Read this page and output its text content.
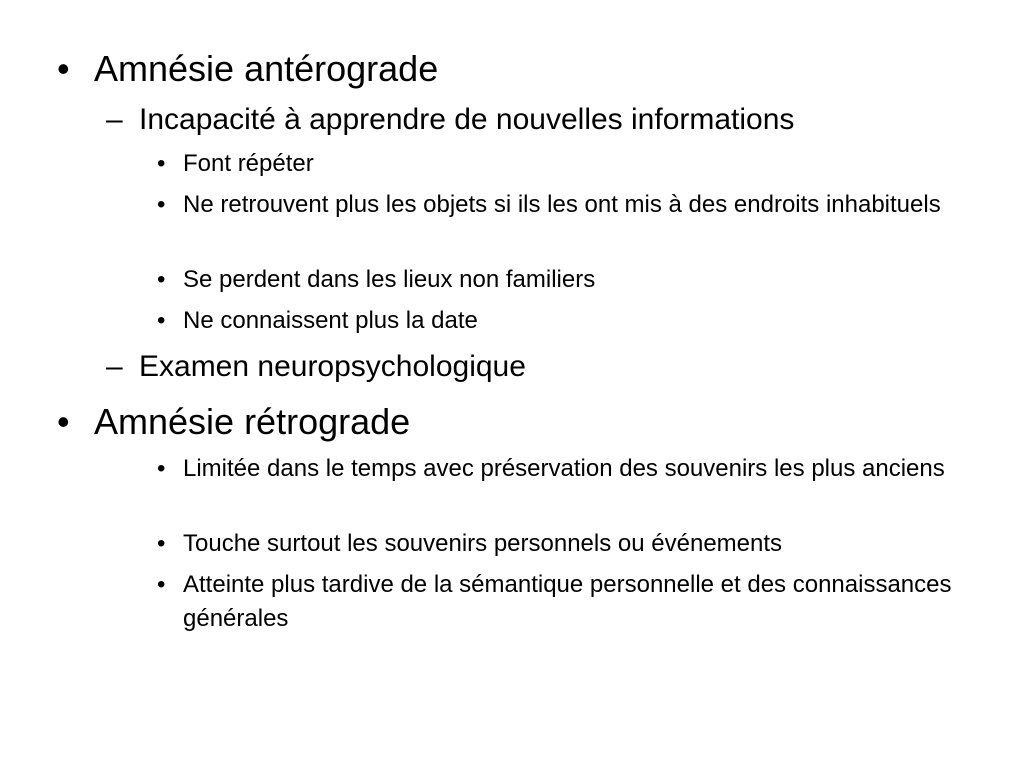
• Amnésie antérograde
– Incapacité à apprendre de nouvelles informations
• Font répéter
• Ne retrouvent plus les objets si ils les ont mis à des endroits inhabituels
• Se perdent dans les lieux non familiers
• Ne connaissent plus la date
– Examen neuropsychologique
• Amnésie rétrograde
• Limitée dans le temps avec préservation des souvenirs les plus anciens
• Touche surtout les souvenirs personnels ou événements
• Atteinte plus tardive de la sémantique personnelle et des connaissances générales
